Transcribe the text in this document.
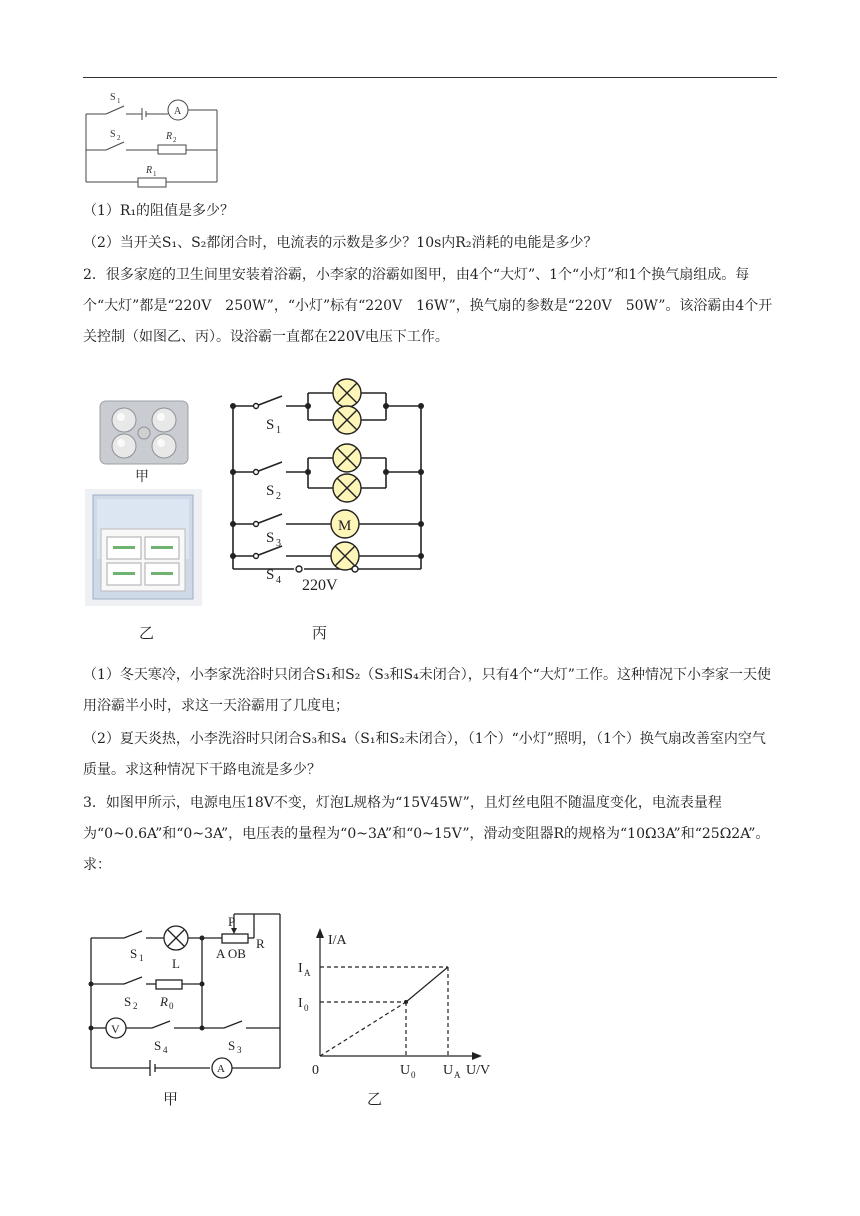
S 1
A
S 2	R 2
R 1

（1）R₁的阻值是多少？

（2）当开关S₁、S₂都闭合时，电流表的示数是多少？10s内R₂消耗的电能是多少？

2．很多家庭的卫生间里安装着浴霸，小李家的浴霸如图甲，由4个“大灯”、1个“小灯”和1个换气扇组成。每个“大灯”都是“220V　250W”，“小灯”标有“220V　16W”，换气扇的参数是“220V　50W”。该浴霸由4个开关控制（如图乙、丙）。设浴霸一直都在220V电压下工作。

甲
乙
S 1
S 2
S 3
S 4
M
220V
丙

（1）冬天寒冷，小李家洗浴时只闭合S₁和S₂（S₃和S₄未闭合），只有4个“大灯”工作。这种情况下小李家一天使用浴霸半小时，求这一天浴霸用了几度电；

（2）夏天炎热，小李洗浴时只闭合S₃和S₄（S₁和S₂未闭合），（1个）“小灯”照明，（1个）换气扇改善室内空气质量。求这种情况下干路电流是多少？

3．如图甲所示，电源电压18V不变，灯泡L规格为“15V45W”，且灯丝电阻不随温度变化，电流表量程为“0~0.6A”和“0~3A”，电压表的量程为“0~3A”和“0~15V”，滑动变阻器R的规格为“10Ω3A”和“25Ω2A”。求：

S 1 L
P
R
A OB
S 2 R 0
V
S 4	S 3
A
甲
I/A
I A
I 0
0	U 0 U A U/V
乙
